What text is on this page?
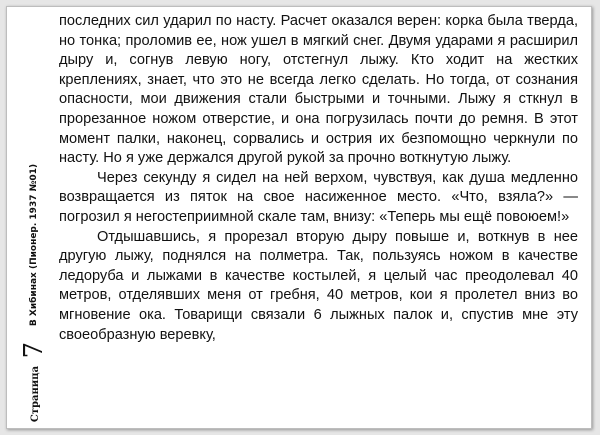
В Хибинах (Пионер. 1937 №01)
Страница 7

последних сил ударил по насту. Расчет оказался верен: корка была тверда, но тонка; проломив ее, нож ушел в мягкий снег. Двумя ударами я расширил дыру и, согнув левую ногу, отстегнул лыжу. Кто ходит на жестких креплениях, знает, что это не всегда легко сделать. Но тогда, от сознания опасности, мои движения стали быстрыми и точными. Лыжу я сткнул в прорезанное ножом отверстие, и она погрузилась почти до ремня. В этот момент палки, наконец, сорвались и острия их безпомощно черкнули по насту. Но я уже держался другой рукой за прочно воткнутую лыжу.

Через секунду я сидел на ней верхом, чувствуя, как душа медленно возвращается из пяток на свое насиженное место. «Что, взяла?» — погрозил я негостеприимной скале там, внизу: «Теперь мы ещё повоюем!»

Отдышавшись, я прорезал вторую дыру повыше и, воткнув в нее другую лыжу, поднялся на полметра. Так, пользуясь ножом в качестве ледоруба и лыжами в качестве костылей, я целый час преодолевал 40 метров, отделявших меня от гребня, 40 метров, кои я пролетел вниз во мгновение ока. Товарищи связали 6 лыжных палок и, спустив мне эту своеобразную веревку,
